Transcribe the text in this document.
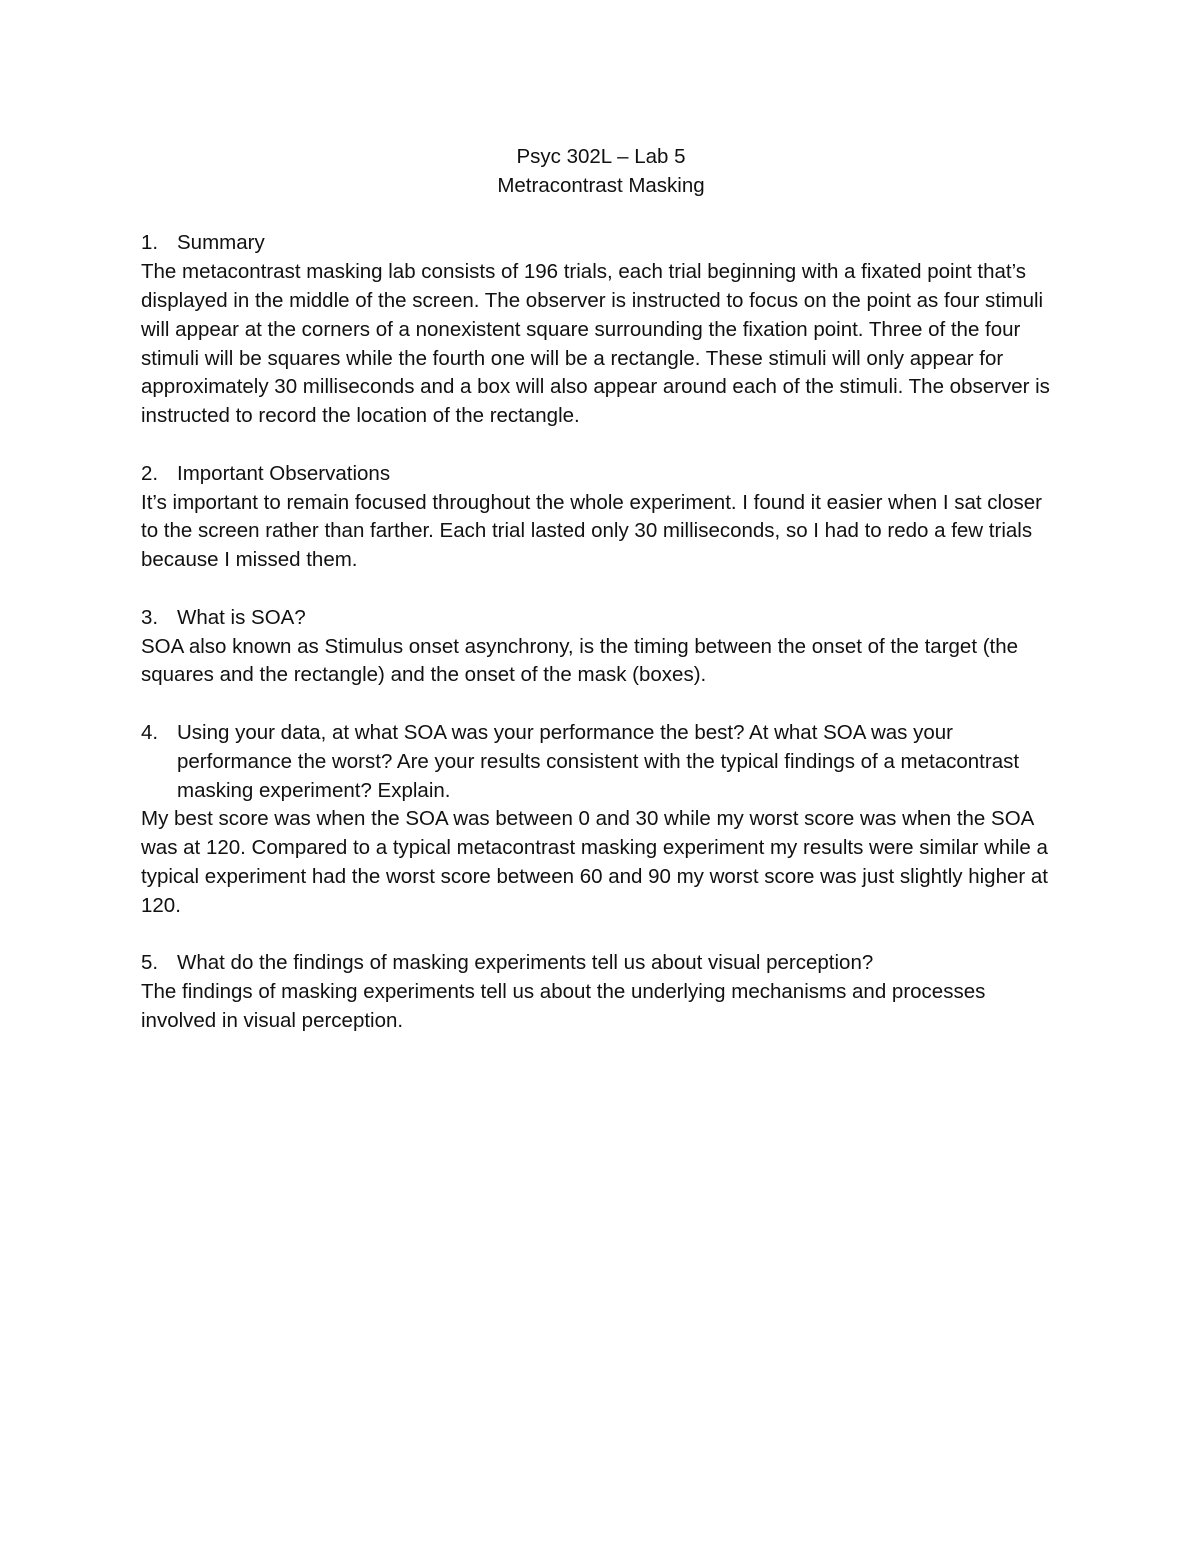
Psyc 302L – Lab 5
Metracontrast Masking
1. Summary
The metacontrast masking lab consists of 196 trials, each trial beginning with a fixated point that’s displayed in the middle of the screen. The observer is instructed to focus on the point as four stimuli will appear at the corners of a nonexistent square surrounding the fixation point. Three of the four stimuli will be squares while the fourth one will be a rectangle. These stimuli will only appear for approximately 30 milliseconds and a box will also appear around each of the stimuli. The observer is instructed to record the location of the rectangle.
2. Important Observations
It’s important to remain focused throughout the whole experiment. I found it easier when I sat closer to the screen rather than farther. Each trial lasted only 30 milliseconds, so I had to redo a few trials because I missed them.
3. What is SOA?
SOA also known as Stimulus onset asynchrony, is the timing between the onset of the target (the squares and the rectangle) and the onset of the mask (boxes).
4. Using your data, at what SOA was your performance the best? At what SOA was your performance the worst? Are your results consistent with the typical findings of a metacontrast masking experiment? Explain.
My best score was when the SOA was between 0 and 30 while my worst score was when the SOA was at 120. Compared to a typical metacontrast masking experiment my results were similar while a typical experiment had the worst score between 60 and 90 my worst score was just slightly higher at 120.
5. What do the findings of masking experiments tell us about visual perception?
The findings of masking experiments tell us about the underlying mechanisms and processes involved in visual perception.
